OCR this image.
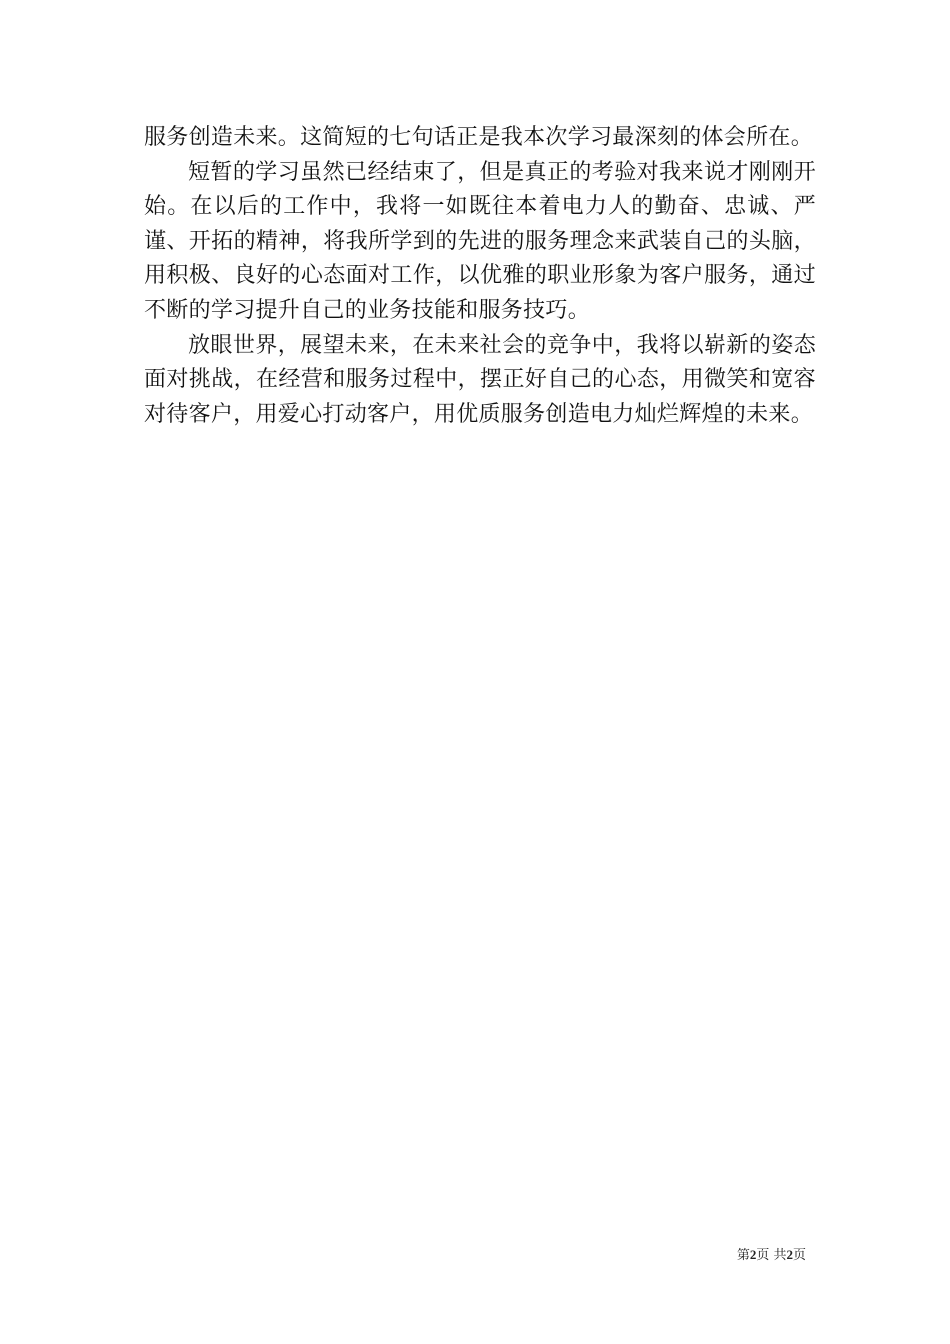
服务创造未来。这简短的七句话正是我本次学习最深刻的体会所在。

短暂的学习虽然已经结束了，但是真正的考验对我来说才刚刚开始。在以后的工作中，我将一如既往本着电力人的勤奋、忠诚、严谨、开拓的精神，将我所学到的先进的服务理念来武装自己的头脑，用积极、良好的心态面对工作，以优雅的职业形象为客户服务，通过不断的学习提升自己的业务技能和服务技巧。

放眼世界，展望未来，在未来社会的竞争中，我将以崭新的姿态面对挑战，在经营和服务过程中，摆正好自己的心态，用微笑和宽容对待客户，用爱心打动客户，用优质服务创造电力灿烂辉煌的未来。

第2页 共2页
